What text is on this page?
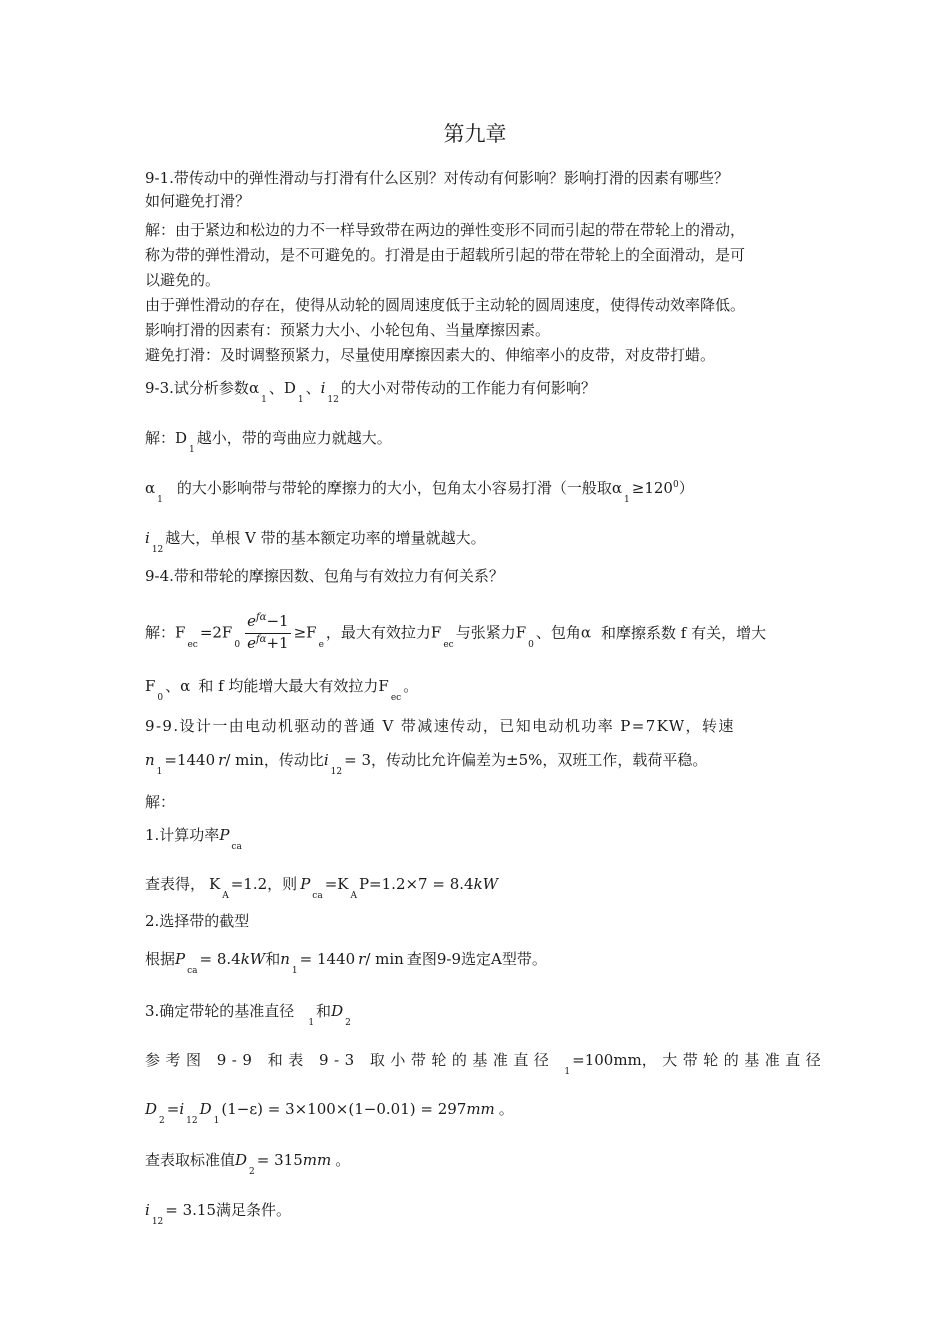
第九章
9-1.带传动中的弹性滑动与打滑有什么区别？对传动有何影响？影响打滑的因素有哪些？
如何避免打滑？
解：由于紧边和松边的力不一样导致带在两边的弹性变形不同而引起的带在带轮上的滑动，
称为带的弹性滑动，是不可避免的。打滑是由于超载所引起的带在带轮上的全面滑动，是可
以避免的。
由于弹性滑动的存在，使得从动轮的圆周速度低于主动轮的圆周速度，使得传动效率降低。
影响打滑的因素有：预紧力大小、小轮包角、当量摩擦因素。
避免打滑：及时调整预紧力，尽量使用摩擦因素大的、伸缩率小的皮带，对皮带打蜡。
9-3.试分析参数$\alpha_1$、$D_1$、$i_{12}$的大小对带传动的工作能力有何影响？
解：$D_1$越小，带的弯曲应力就越大。
$\alpha_1$的大小影响带与带轮的摩擦力的大小，包角太小容易打滑（一般取$\alpha_1\ge 120^0$）
$i_{12}$越大，单根 V 带的基本额定功率的增量就越大。
9-4.带和带轮的摩擦因数、包角与有效拉力有何关系？
解：$F_{ec}=2F_0 \frac{e^{f\alpha}-1}{e^{f\alpha}+1} \ge F_e$，最大有效拉力$F_{ec}$与张紧力$F_0$、包角α 和摩擦系数 f 有关，增大
$F_0$、α 和 f 均能增大最大有效拉力$F_{ec}$。
9-9.设计一由电动机驱动的普通 V 带减速传动，已知电动机功率 P=7KW，转速
$n_1=1440$ r/ min，传动比$i_{12}= 3$，传动比允许偏差为±5%，双班工作，载荷平稳。
解：
1.计算功率$P_{ca}$
查表得， $K_A=1.2$，则 $P_{ca}=K_AP=1.2\times 7 = 8.4kW$
2.选择带的截型
根据$P_{ca}= 8.4kW$和$n_1= 1440$ r/ min 查图9-9选定A型带。
3.确定带轮的基准直径$_1$和$D_2$
参考图 9-9 和表 9-3 取小带轮的基准直径$_1$=100mm，大带轮的基准直径
$D_2=i_{12}D_1(1-\varepsilon) = 3\times 100\times(1-0.01) = 297mm$ 。
查表取标准值$D_2= 315mm$ 。
$i_{12}= 3.15$满足条件。
